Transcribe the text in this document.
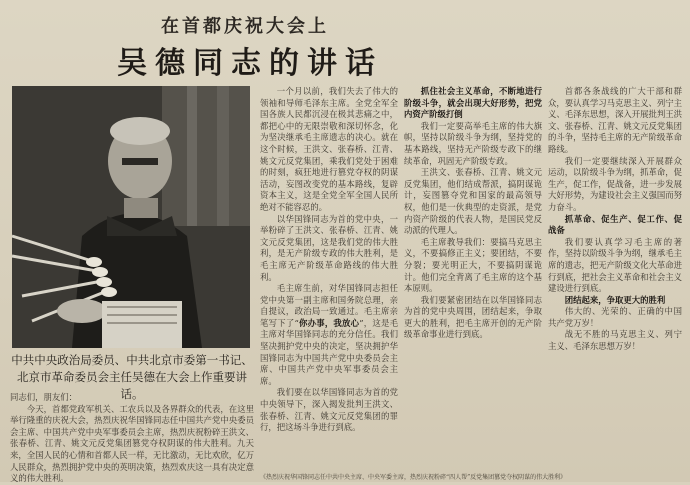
在首都庆祝大会上
吴德同志的讲话
中共中央政治局委员、中共北京市委第一书记、
北京市革命委员会主任吴德在大会上作重要讲话。
同志们，朋友们：
今天，首都党政军机关、工农兵以及各界群众的代表，在这里举行隆重的庆祝大会，热烈庆祝华国锋同志任中国共产党中央委员会主席、中国共产党中央军事委员会主席，热烈庆祝粉碎王洪文、张春桥、江青、姚文元反党集团篡党夺权阴谋的伟大胜利。九天来，全国人民的心情和首都人民一样，无比激动，无比欢欣，亿万人民群众，热烈拥护党中央的英明决策，热烈欢庆这一具有决定意义的伟大胜利。

一个月以前，我们失去了伟大的领袖和导师毛泽东主席。全党全军全国各族人民都沉浸在极其悲痛之中，都把心中的无限崇敬和深切怀念，化为坚决继承毛主席遗志的决心。就在这个时候，王洪文、张春桥、江青、姚文元反党集团，乘我们党处于困难的时刻，疯狂地进行篡党夺权的阴谋活动，妄图改变党的基本路线，复辟资本主义，这是全党全军全国人民所绝对不能容忍的。

以华国锋同志为首的党中央，一举粉碎了王洪文、张春桥、江青、姚文元反党集团，这是我们党的伟大胜利，是无产阶级专政的伟大胜利，是毛主席无产阶级革命路线的伟大胜利。

毛主席生前，对华国锋同志担任党中央第一副主席和国务院总理，亲自提议，政治局一致通过。毛主席亲笔写下了“你办事，我放心”，这是毛主席对华国锋同志的充分信任。我们坚决拥护党中央的决定，坚决拥护华国锋同志为中国共产党中央委员会主席、中国共产党中央军事委员会主席。

我们要在以华国锋同志为首的党中央领导下，深入揭发批判王洪文、张春桥、江青、姚文元反党集团的罪行，把这场斗争进行到底。

抓住社会主义革命，不断地进行阶级斗争，就会出现大好形势，把党内资产阶级打倒

我们一定要高举毛主席的伟大旗帜，坚持以阶级斗争为纲，坚持党的基本路线，坚持无产阶级专政下的继续革命，巩固无产阶级专政。

王洪文、张春桥、江青、姚文元反党集团，他们结成帮派，搞阴谋诡计，妄图篡夺党和国家的最高领导权，他们是一伙典型的走资派，是党内资产阶级的代表人物，是国民党反动派的代理人。

毛主席教导我们：要搞马克思主义，不要搞修正主义；要团结，不要分裂；要光明正大，不要搞阴谋诡计。他们完全背离了毛主席的这个基本原则。

我们要紧密团结在以华国锋同志为首的党中央周围，团结起来，争取更大的胜利，把毛主席开创的无产阶级革命事业进行到底。

首都各条战线的广大干部和群众，要认真学习马克思主义、列宁主义、毛泽东思想，深入开展批判王洪文、张春桥、江青、姚文元反党集团的斗争，坚持毛主席的无产阶级革命路线。

我们一定要继续深入开展群众运动，以阶级斗争为纲，抓革命，促生产，促工作，促战备，进一步发展大好形势，为建设社会主义强国而努力奋斗。

抓革命、促生产、促工作、促战备

我们要认真学习毛主席的著作，坚持以阶级斗争为纲，继承毛主席的遗志，把无产阶级文化大革命进行到底，把社会主义革命和社会主义建设进行到底。

团结起来，争取更大的胜利

伟大的、光荣的、正确的中国共产党万岁！

战无不胜的马克思主义、列宁主义、毛泽东思想万岁！

《热烈庆祝华国锋同志任中共中央主席、中央军委主席，热烈庆祝粉碎“四人帮”反党集团篡党夺权阴谋的伟大胜利》
